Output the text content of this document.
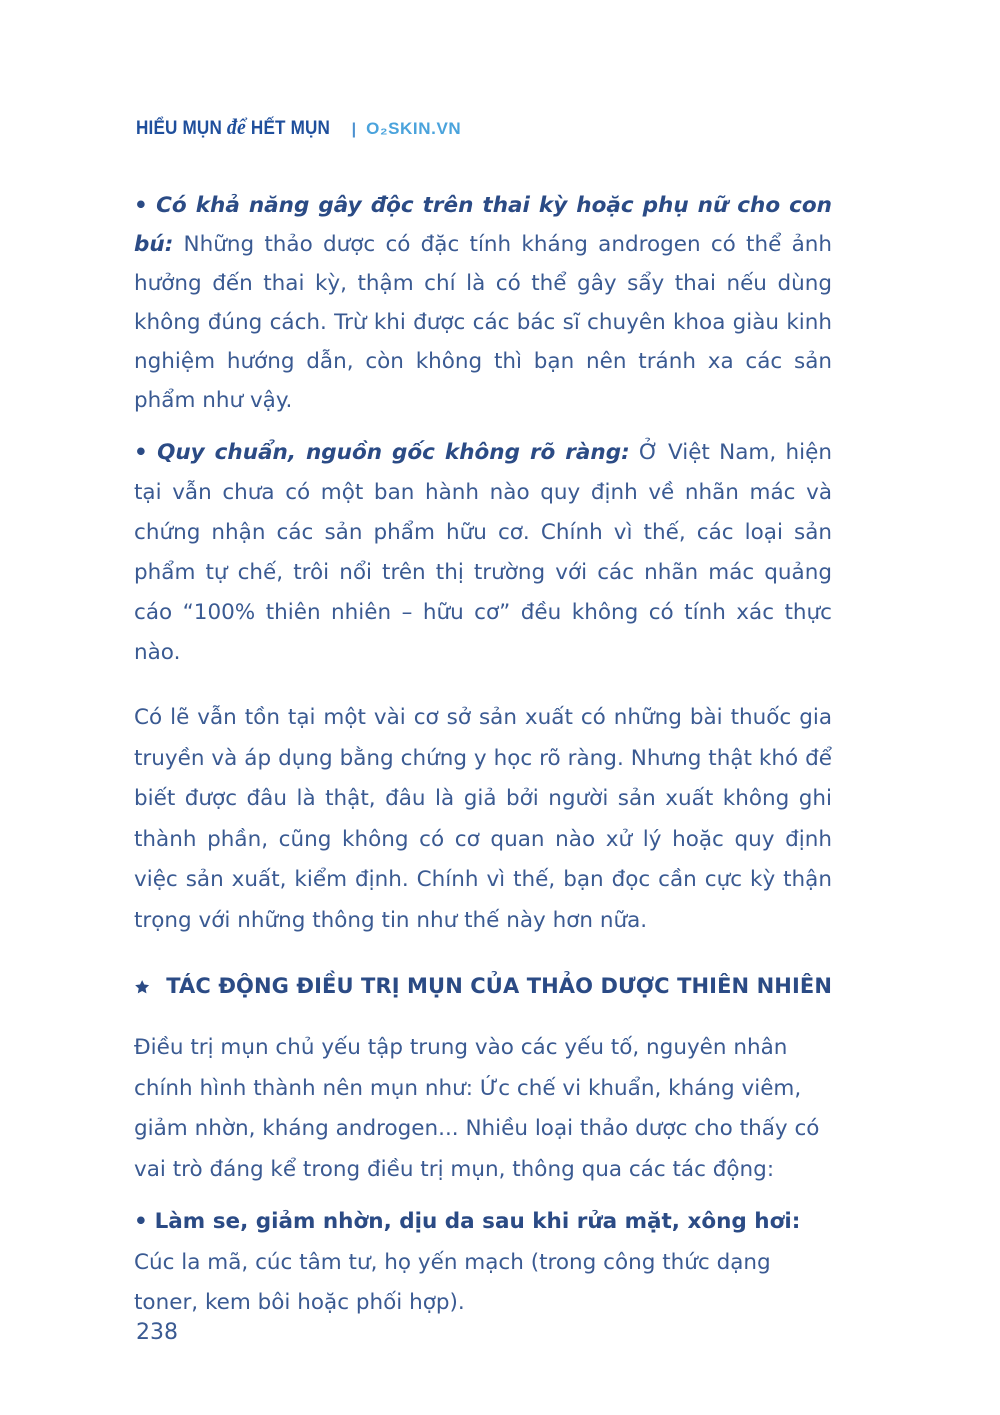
HIỂU MỤN để HẾT MỤN | O₂SKIN.VN

• Có khả năng gây độc trên thai kỳ hoặc phụ nữ cho con bú: Những thảo dược có đặc tính kháng androgen có thể ảnh hưởng đến thai kỳ, thậm chí là có thể gây sẩy thai nếu dùng không đúng cách. Trừ khi được các bác sĩ chuyên khoa giàu kinh nghiệm hướng dẫn, còn không thì bạn nên tránh xa các sản phẩm như vậy.

• Quy chuẩn, nguồn gốc không rõ ràng: Ở Việt Nam, hiện tại vẫn chưa có một ban hành nào quy định về nhãn mác và chứng nhận các sản phẩm hữu cơ. Chính vì thế, các loại sản phẩm tự chế, trôi nổi trên thị trường với các nhãn mác quảng cáo “100% thiên nhiên – hữu cơ” đều không có tính xác thực nào.

Có lẽ vẫn tồn tại một vài cơ sở sản xuất có những bài thuốc gia truyền và áp dụng bằng chứng y học rõ ràng. Nhưng thật khó để biết được đâu là thật, đâu là giả bởi người sản xuất không ghi thành phần, cũng không có cơ quan nào xử lý hoặc quy định việc sản xuất, kiểm định. Chính vì thế, bạn đọc cần cực kỳ thận trọng với những thông tin như thế này hơn nữa.

TÁC ĐỘNG ĐIỀU TRỊ MỤN CỦA THẢO DƯỢC THIÊN NHIÊN

Điều trị mụn chủ yếu tập trung vào các yếu tố, nguyên nhân chính hình thành nên mụn như: Ức chế vi khuẩn, kháng viêm, giảm nhờn, kháng androgen... Nhiều loại thảo dược cho thấy có vai trò đáng kể trong điều trị mụn, thông qua các tác động:

• Làm se, giảm nhờn, dịu da sau khi rửa mặt, xông hơi: Cúc la mã, cúc tâm tư, họ yến mạch (trong công thức dạng toner, kem bôi hoặc phối hợp).

238
